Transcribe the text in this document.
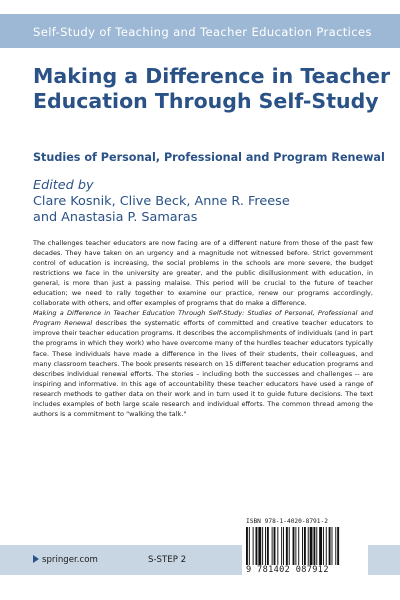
Self-Study of Teaching and Teacher Education Practices
Making a Difference in Teacher Education Through Self-Study
Studies of Personal, Professional and Program Renewal
Edited by
Clare Kosnik, Clive Beck, Anne R. Freese
and Anastasia P. Samaras

The challenges teacher educators are now facing are of a different nature from those of the past few decades. They have taken on an urgency and a magnitude not witnessed before. Strict government control of education is increasing, the social problems in the schools are more severe, the budget restrictions we face in the university are greater, and the public disillusionment with education, in general, is more than just a passing malaise. This period will be crucial to the future of teacher education; we need to rally together to examine our practice, renew our programs accordingly, collaborate with others, and offer examples of programs that do make a difference.

Making a Difference in Teacher Education Through Self-Study: Studies of Personal, Professional and Program Renewal describes the systematic efforts of committed and creative teacher educators to improve their teacher education programs. It describes the accomplishments of individuals (and in part the programs in which they work) who have overcome many of the hurdles teacher educators typically face. These individuals have made a difference in the lives of their students, their colleagues, and many classroom teachers. The book presents research on 15 different teacher education programs and describes individual renewal efforts. The stories – including both the successes and challenges -- are inspiring and informative. In this age of accountability these teacher educators have used a range of research methods to gather data on their work and in turn used it to guide future decisions. The text includes examples of both large scale research and individual efforts. The common thread among the authors is a commitment to "walking the talk."

springer.com	S-STEP 2
ISBN 978-1-4020-8791-2
9 781402 087912
